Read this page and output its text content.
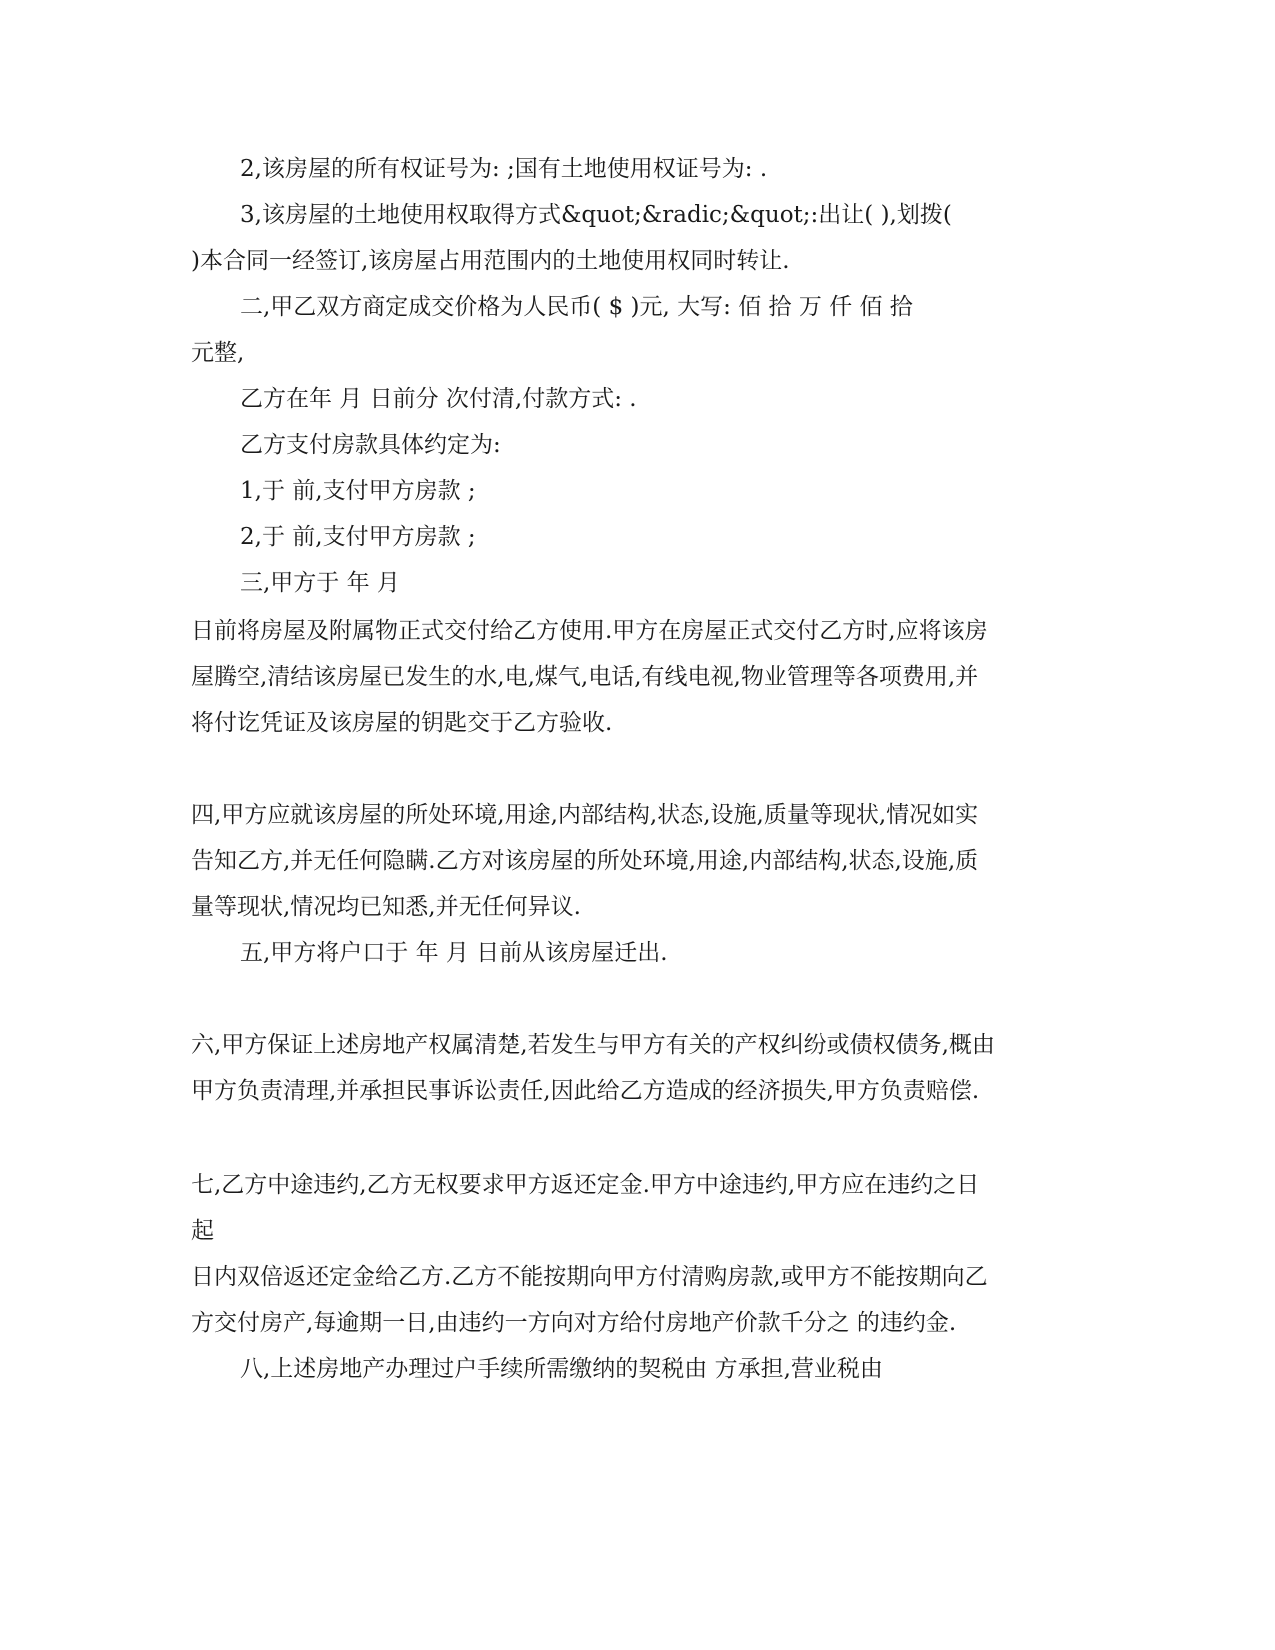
2,该房屋的所有权证号为: ;国有土地使用权证号为: .
3,该房屋的土地使用权取得方式&quot;&radic;&quot;:出让( ),划拨(
)本合同一经签订,该房屋占用范围内的土地使用权同时转让.
二,甲乙双方商定成交价格为人民币( $ )元, 大写: 佰 拾 万 仟 佰 拾
元整,
乙方在年 月 日前分 次付清,付款方式: .
乙方支付房款具体约定为:
1,于 前,支付甲方房款 ;
2,于 前,支付甲方房款 ;
三,甲方于 年 月
日前将房屋及附属物正式交付给乙方使用.甲方在房屋正式交付乙方时,应将该房
屋腾空,清结该房屋已发生的水,电,煤气,电话,有线电视,物业管理等各项费用,并
将付讫凭证及该房屋的钥匙交于乙方验收.
四,甲方应就该房屋的所处环境,用途,内部结构,状态,设施,质量等现状,情况如实
告知乙方,并无任何隐瞒.乙方对该房屋的所处环境,用途,内部结构,状态,设施,质
量等现状,情况均已知悉,并无任何异议.
五,甲方将户口于 年 月 日前从该房屋迁出.
六,甲方保证上述房地产权属清楚,若发生与甲方有关的产权纠纷或债权债务,概由
甲方负责清理,并承担民事诉讼责任,因此给乙方造成的经济损失,甲方负责赔偿.
七,乙方中途违约,乙方无权要求甲方返还定金.甲方中途违约,甲方应在违约之日
起
日内双倍返还定金给乙方.乙方不能按期向甲方付清购房款,或甲方不能按期向乙
方交付房产,每逾期一日,由违约一方向对方给付房地产价款千分之 的违约金.
八,上述房地产办理过户手续所需缴纳的契税由 方承担,营业税由
